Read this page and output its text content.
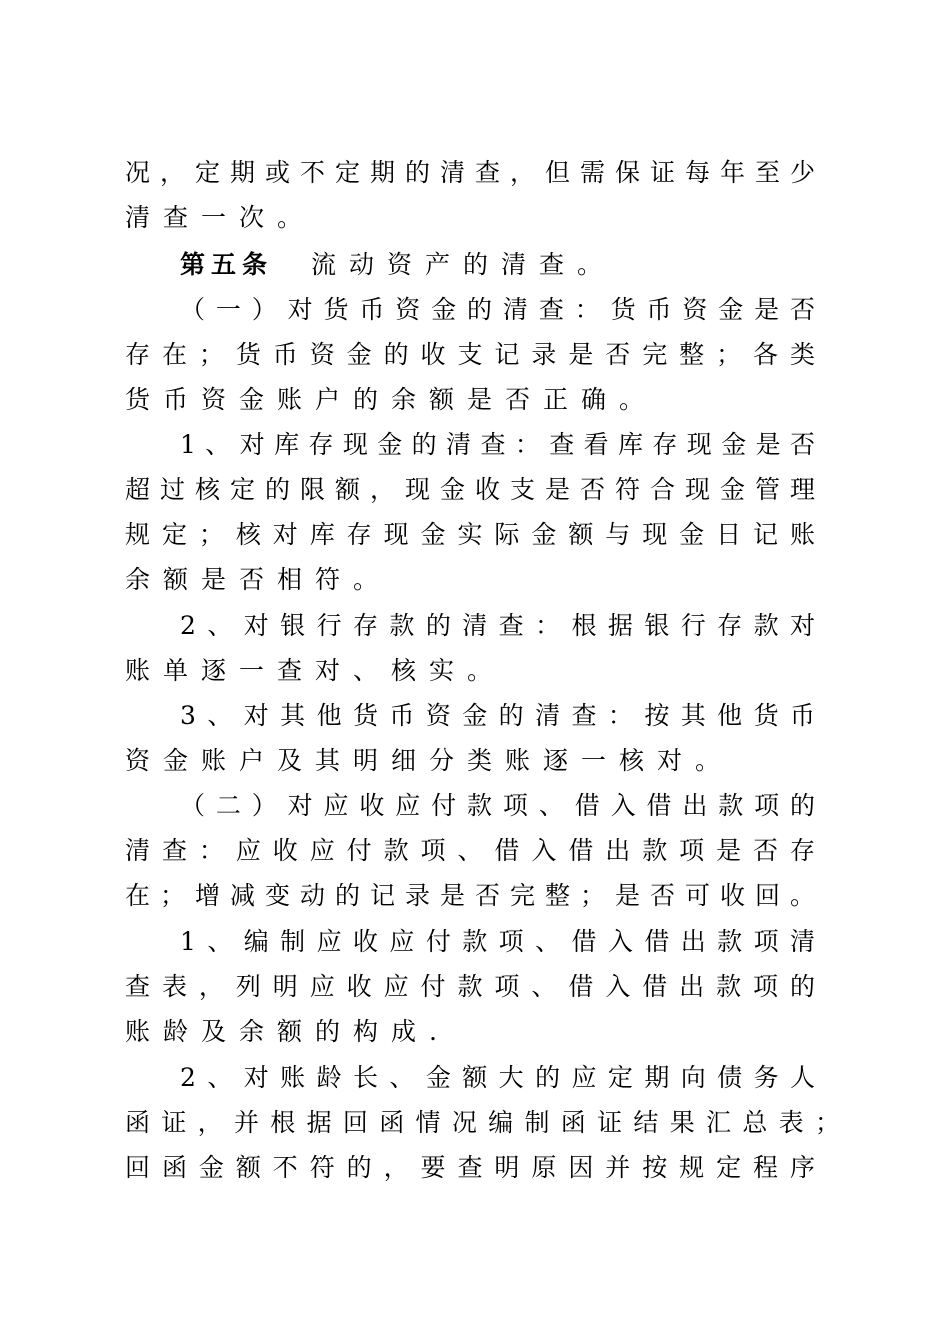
况，定期或不定期的清查，但需保证每年至少
清查一次。
第五条 流动资产的清查。
（一）对货币资金的清查：货币资金是否
存在；货币资金的收支记录是否完整；各类
货币资金账户的余额是否正确。
1、对库存现金的清查：查看库存现金是否
超过核定的限额，现金收支是否符合现金管理
规定；核对库存现金实际金额与现金日记账
余额是否相符。
2、对银行存款的清查：根据银行存款对
账单逐一查对、核实。
3、对其他货币资金的清查：按其他货币
资金账户及其明细分类账逐一核对。
（二）对应收应付款项、借入借出款项的
清查：应收应付款项、借入借出款项是否存
在；增减变动的记录是否完整；是否可收回。
1、编制应收应付款项、借入借出款项清
查表，列明应收应付款项、借入借出款项的
账龄及余额的构成.
2、对账龄长、金额大的应定期向债务人
函证，并根据回函情况编制函证结果汇总表；
回函金额不符的，要查明原因并按规定程序
